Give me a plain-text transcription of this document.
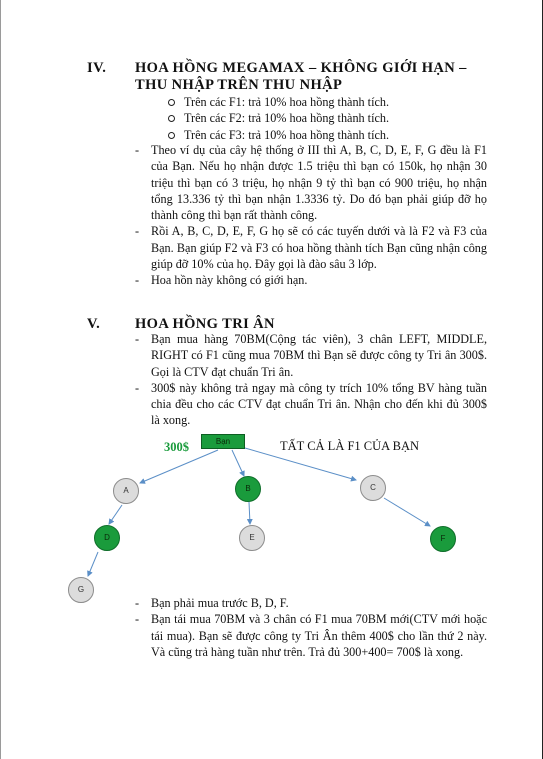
IV. HOA HỒNG MEGAMAX – KHÔNG GIỚI HẠN –
THU NHẬP TRÊN THU NHẬP
Trên các F1: trả 10% hoa hồng thành tích.
Trên các F2: trả 10% hoa hồng thành tích.
Trên các F3: trả 10% hoa hồng thành tích.
- Theo ví dụ của cây hệ thống ở III thì A, B, C, D, E, F, G đều là F1 của Bạn. Nếu họ nhận được 1.5 triệu thì bạn có 150k, họ nhận 30 triệu thì bạn có 3 triệu, họ nhận 9 tỷ thì bạn có 900 triệu, họ nhận tổng 13.336 tỷ thì bạn nhận 1.3336 tỷ. Do đó bạn phải giúp đỡ họ thành công thì bạn rất thành công.
- Rồi A, B, C, D, E, F, G họ sẽ có các tuyến dưới và là F2 và F3 của Bạn. Bạn giúp F2 và F3 có hoa hồng thành tích Bạn cũng nhận công giúp đỡ 10% của họ. Đây gọi là đào sâu 3 lớp.
- Hoa hồn này không có giới hạn.
V. HOA HỒNG TRI ÂN
- Bạn mua hàng 70BM(Cộng tác viên), 3 chân LEFT, MIDDLE, RIGHT có F1 cũng mua 70BM thì Bạn sẽ được công ty Tri ân 300$. Gọi là CTV đạt chuẩn Tri ân.
- 300$ này không trả ngay mà công ty trích 10% tổng BV hàng tuần chia đều cho các CTV đạt chuẩn Tri ân. Nhận cho đến khi đủ 300$ là xong.
300$	Bạn	TẤT CẢ LÀ F1 CỦA BẠN
A	B	C
D	E	F
G
- Bạn phải mua trước B, D, F.
- Bạn tái mua 70BM và 3 chân có F1 mua 70BM mới(CTV mới hoặc tái mua). Bạn sẽ được công ty Tri Ân thêm 400$ cho lần thứ 2 này. Và cũng trả hàng tuần như trên. Trả đủ 300+400= 700$ là xong.
